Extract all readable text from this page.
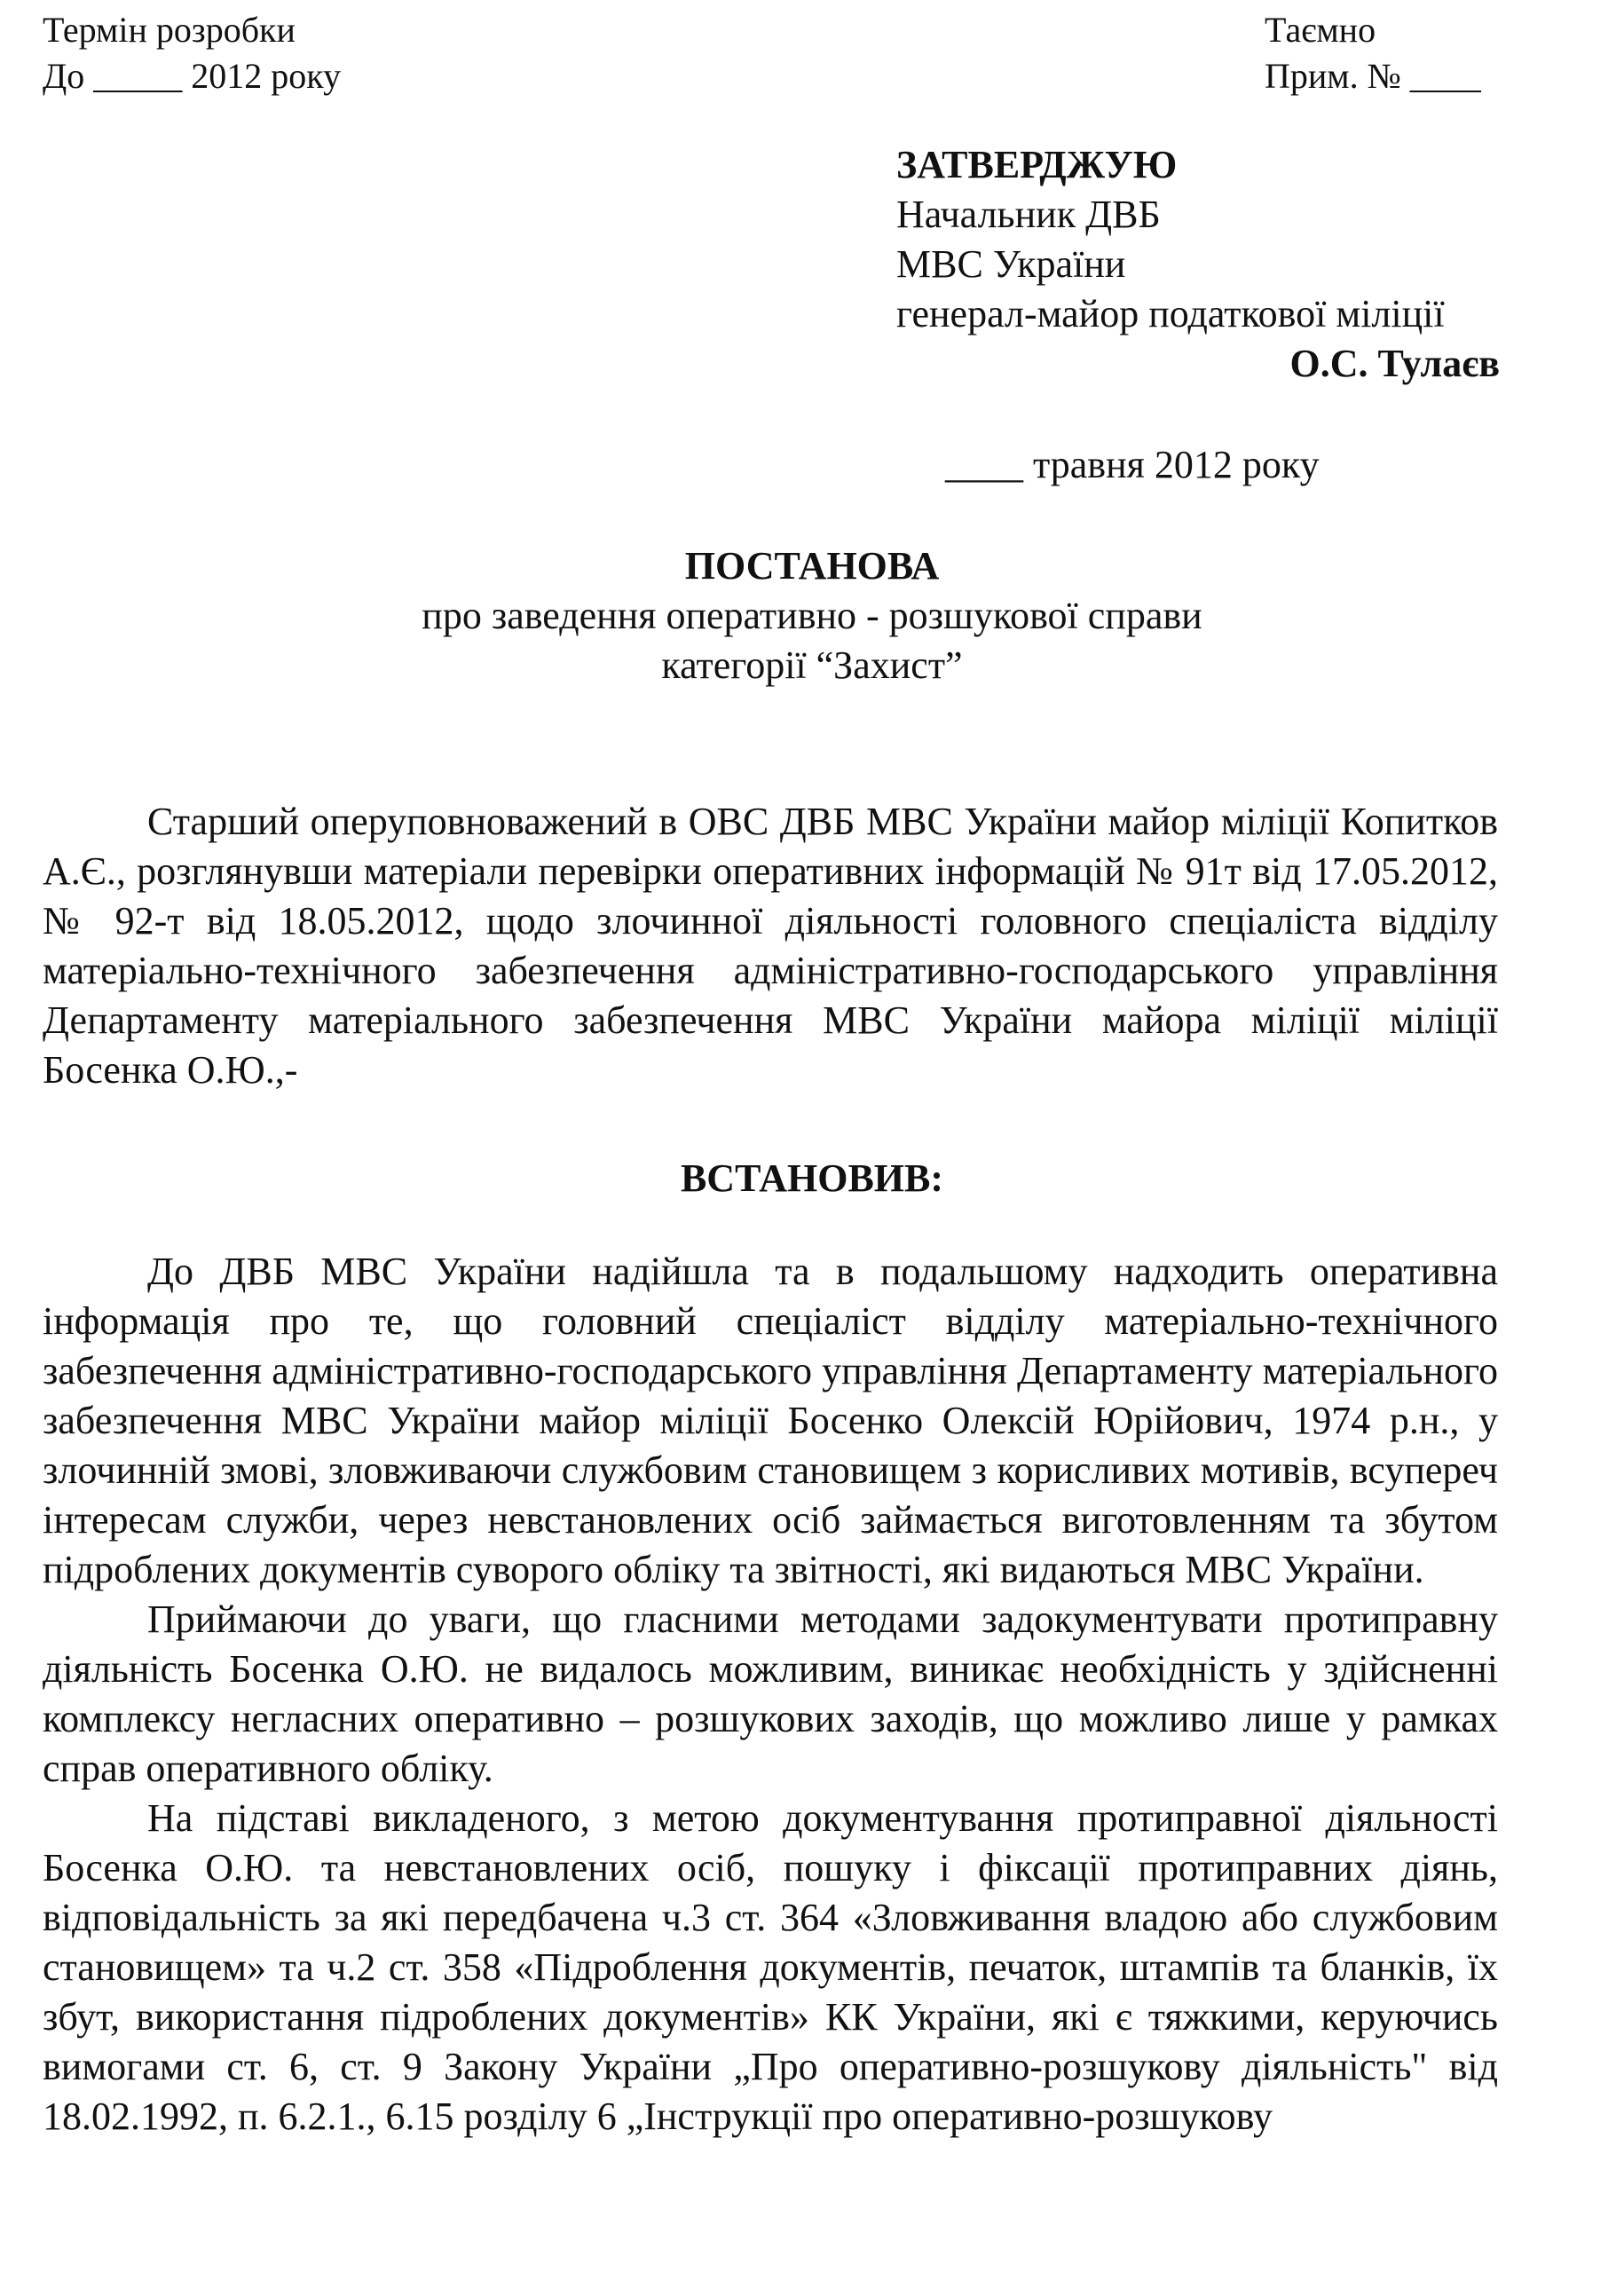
Термін розробки
До _____ 2012 року
Таємно
Прим. № ____
ЗАТВЕРДЖУЮ
Начальник ДВБ
МВС України
генерал-майор податкової міліції
О.С. Тулаєв
____ травня 2012 року
ПОСТАНОВА
про заведення оперативно - розшукової справи
категорії “Захист”

Старший оперуповноважений в ОВС ДВБ МВС України майор міліції Копитков А.Є., розглянувши матеріали перевірки оперативних інформацій № 91т від 17.05.2012, № 92-т від 18.05.2012, щодо злочинної діяльності головного спеціаліста відділу матеріально-технічного забезпечення адміністративно-господарського управління Департаменту матеріального забезпечення МВС України майора міліції міліції Босенка О.Ю.,-

ВСТАНОВИВ:

До ДВБ МВС України надійшла та в подальшому надходить оперативна інформація про те, що головний спеціаліст відділу матеріально-технічного забезпечення адміністративно-господарського управління Департаменту матеріального забезпечення МВС України майор міліції Босенко Олексій Юрійович, 1974 р.н., у злочинній змові, зловживаючи службовим становищем з корисливих мотивів, всупереч інтересам служби, через невстановлених осіб займається виготовленням та збутом підроблених документів суворого обліку та звітності, які видаються МВС України.

Приймаючи до уваги, що гласними методами задокументувати протиправну діяльність Босенка О.Ю. не видалось можливим, виникає необхідність у здійсненні комплексу негласних оперативно – розшукових заходів, що можливо лише у рамках справ оперативного обліку.

На підставі викладеного, з метою документування протиправної діяльності Босенка О.Ю. та невстановлених осіб, пошуку і фіксації протиправних діянь, відповідальність за які передбачена ч.3 ст. 364 «Зловживання владою або службовим становищем» та ч.2 ст. 358 «Підроблення документів, печаток, штампів та бланків, їх збут, використання підроблених документів» КК України, які є тяжкими, керуючись вимогами ст. 6, ст. 9 Закону України „Про оперативно-розшукову діяльність" від 18.02.1992, п. 6.2.1., 6.15 розділу 6 „Інструкції про оперативно-розшукову
